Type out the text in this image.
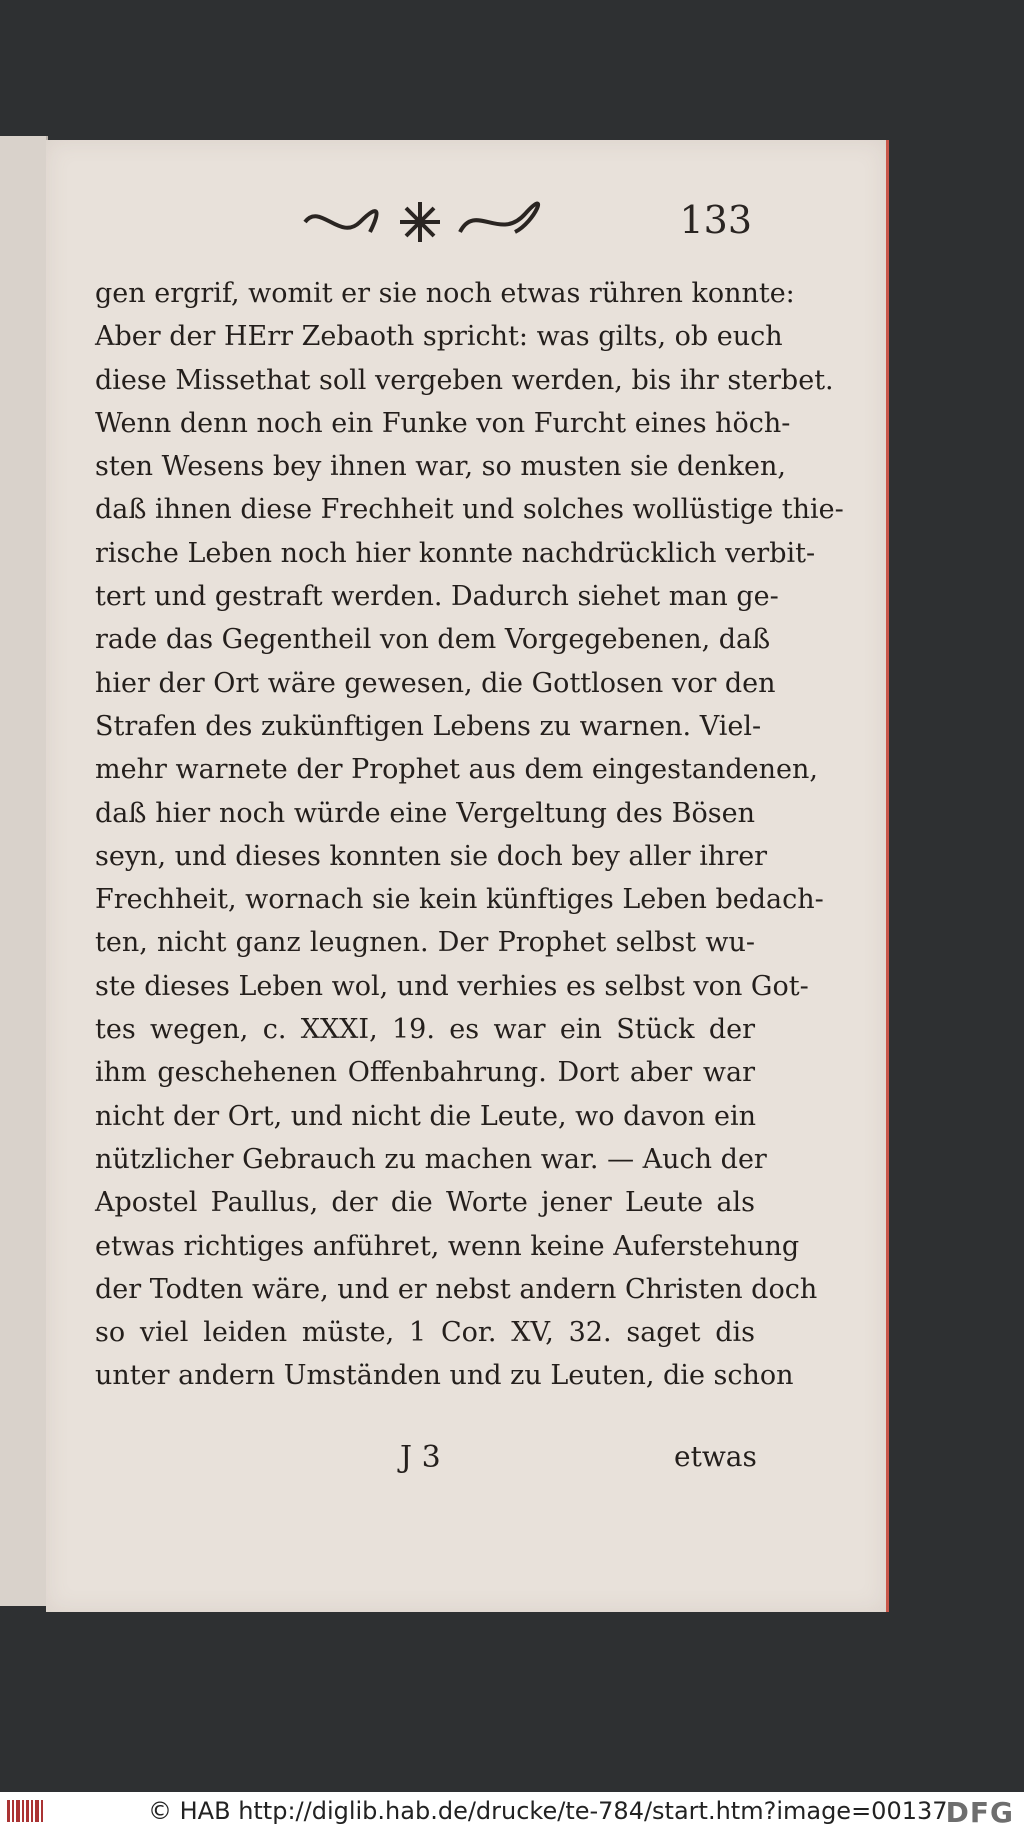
133
gen ergrif, womit er sie noch etwas rühren konnte:
Aber der HErr Zebaoth spricht: was gilts, ob euch
diese Missethat soll vergeben werden, bis ihr sterbet.
Wenn denn noch ein Funke von Furcht eines höch-
sten Wesens bey ihnen war, so musten sie denken,
daß ihnen diese Frechheit und solches wollüstige thie-
rische Leben noch hier konnte nachdrücklich verbit-
tert und gestraft werden. Dadurch siehet man ge-
rade das Gegentheil von dem Vorgegebenen, daß
hier der Ort wäre gewesen, die Gottlosen vor den
Strafen des zukünftigen Lebens zu warnen. Viel-
mehr warnete der Prophet aus dem eingestandenen,
daß hier noch würde eine Vergeltung des Bösen
seyn, und dieses konnten sie doch bey aller ihrer
Frechheit, wornach sie kein künftiges Leben bedach-
ten, nicht ganz leugnen. Der Prophet selbst wu-
ste dieses Leben wol, und verhies es selbst von Got-
tes wegen, c. XXXI, 19. es war ein Stück der
ihm geschehenen Offenbahrung. Dort aber war
nicht der Ort, und nicht die Leute, wo davon ein
nützlicher Gebrauch zu machen war. — Auch der
Apostel Paullus, der die Worte jener Leute als
etwas richtiges anführet, wenn keine Auferstehung
der Todten wäre, und er nebst andern Christen doch
so viel leiden müste, 1 Cor. XV, 32. saget dis
unter andern Umständen und zu Leuten, die schon
J 3	etwas
© HAB http://diglib.hab.de/drucke/te-784/start.htm?image=00137
DFG
